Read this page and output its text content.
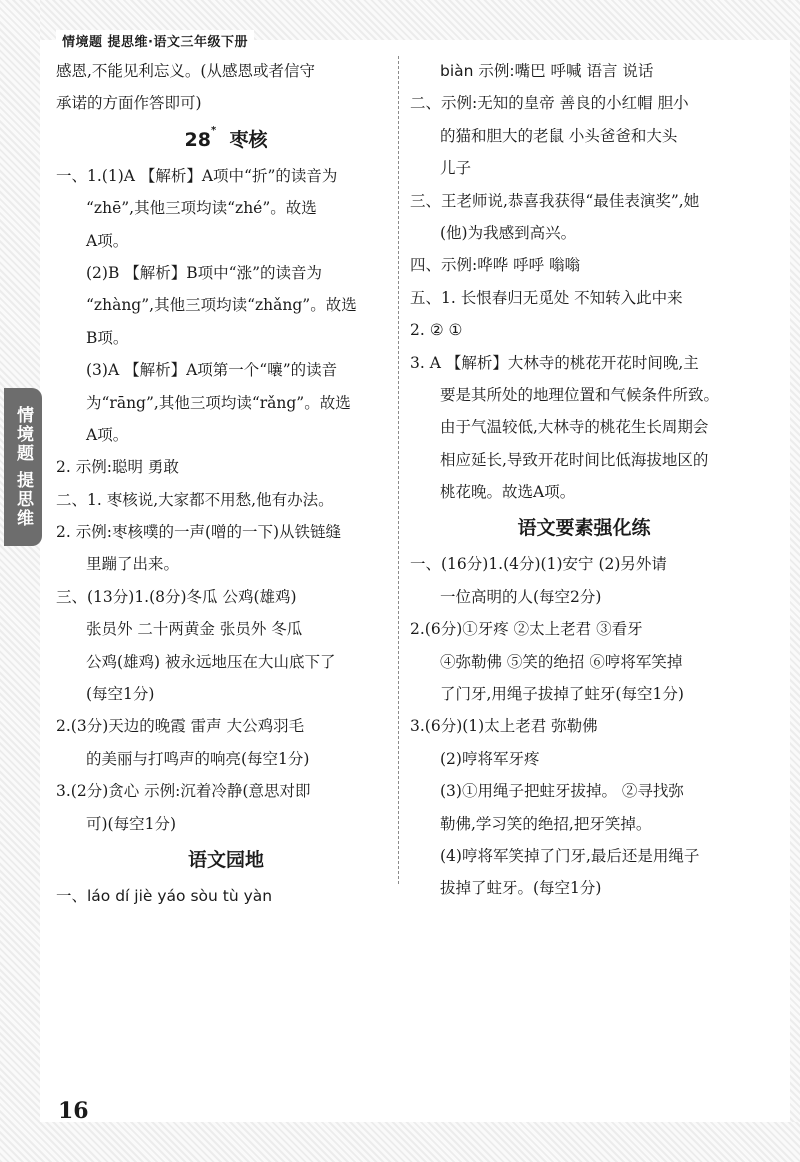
情境题 提思维·语文三年级下册
情境题 提思维
感恩,不能见利忘义。(从感恩或者信守
承诺的方面作答即可)
28* 枣核
一、1.(1)A 【解析】A项中“折”的读音为
“zhē”,其他三项均读“zhé”。故选
A项。
(2)B 【解析】B项中“涨”的读音为
“zhàng”,其他三项均读“zhǎng”。故选
B项。
(3)A 【解析】A项第一个“嚷”的读音
为“rāng”,其他三项均读“rǎng”。故选
A项。
2. 示例:聪明 勇敢
二、1. 枣核说,大家都不用愁,他有办法。
2. 示例:枣核噗的一声(噌的一下)从铁链缝
里蹦了出来。
三、(13分)1.(8分)冬瓜 公鸡(雄鸡)
张员外 二十两黄金 张员外 冬瓜
公鸡(雄鸡) 被永远地压在大山底下了
(每空1分)
2.(3分)天边的晚霞 雷声 大公鸡羽毛
的美丽与打鸣声的响亮(每空1分)
3.(2分)贪心 示例:沉着冷静(意思对即
可)(每空1分)
语文园地
一、láo dí jiè yáo sòu tù yàn
biàn 示例:嘴巴 呼喊 语言 说话
二、示例:无知的皇帝 善良的小红帽 胆小
的猫和胆大的老鼠 小头爸爸和大头
儿子
三、王老师说,恭喜我获得“最佳表演奖”,她
(他)为我感到高兴。
四、示例:哗哗 呼呼 嗡嗡
五、1. 长恨春归无觅处 不知转入此中来
2. ② ①
3. A 【解析】大林寺的桃花开花时间晚,主
要是其所处的地理位置和气候条件所致。
由于气温较低,大林寺的桃花生长周期会
相应延长,导致开花时间比低海拔地区的
桃花晚。故选A项。
语文要素强化练
一、(16分)1.(4分)(1)安宁 (2)另外请
一位高明的人(每空2分)
2.(6分)①牙疼 ②太上老君 ③看牙
④弥勒佛 ⑤笑的绝招 ⑥哼将军笑掉
了门牙,用绳子拔掉了蛀牙(每空1分)
3.(6分)(1)太上老君 弥勒佛
(2)哼将军牙疼
(3)①用绳子把蛀牙拔掉。 ②寻找弥
勒佛,学习笑的绝招,把牙笑掉。
(4)哼将军笑掉了门牙,最后还是用绳子
拔掉了蛀牙。(每空1分)
16
